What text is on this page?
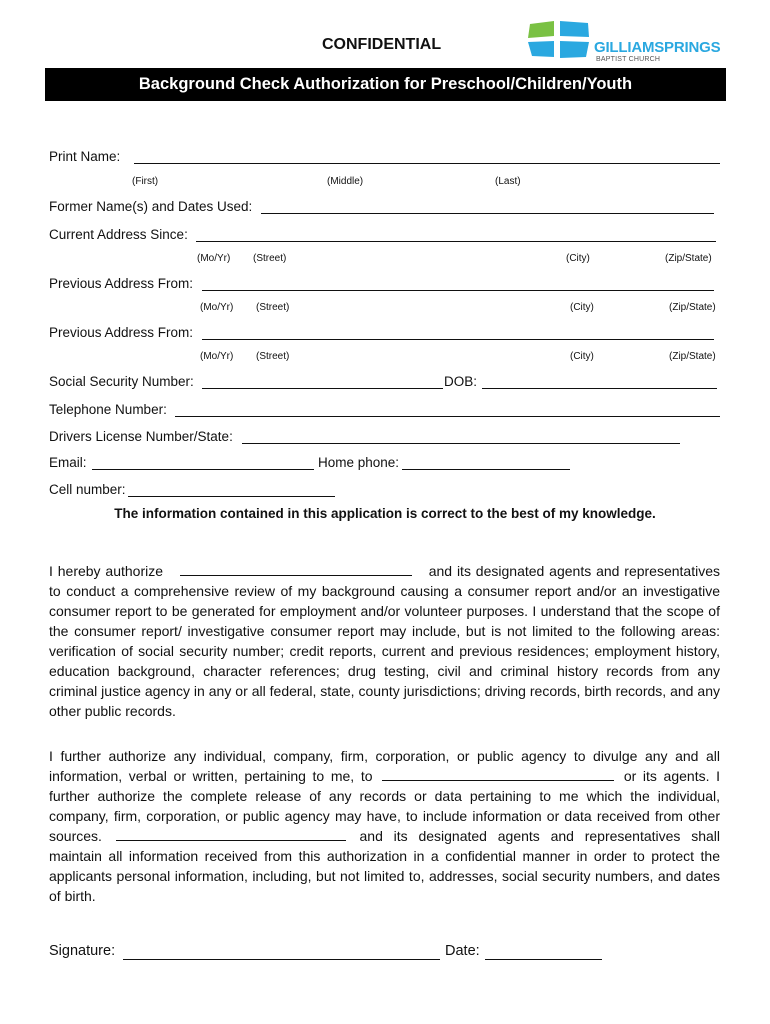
CONFIDENTIAL	GILLIAMSPRINGS
BAPTIST CHURCH
Background Check Authorization for Preschool/Children/Youth
Print Name:
(First)	(Middle)	(Last)
Former Name(s) and Dates Used:
Current Address Since:
(Mo/Yr) (Street)	(City)	(Zip/State)
Previous Address From:
(Mo/Yr) (Street)	(City)	(Zip/State)
Previous Address From:
(Mo/Yr) (Street)	(City)	(Zip/State)
Social Security Number:	DOB:
Telephone Number:
Drivers License Number/State:
Email:	Home phone:
Cell number:
The information contained in this application is correct to the best of my knowledge.
I hereby authorize	and its designated agents and representatives to conduct a comprehensive review of my background causing a consumer report and/or an investigative consumer report to be generated for employment and/or volunteer purposes. I understand that the scope of the consumer report/ investigative consumer report may include, but is not limited to the following areas: verification of social security number; credit reports, current and previous residences; employment history, education background, character references; drug testing, civil and criminal history records from any criminal justice agency in any or all federal, state, county jurisdictions; driving records, birth records, and any other public records.
I further authorize any individual, company, firm, corporation, or public agency to divulge any and all information, verbal or written, pertaining to me, to	or its agents. I further authorize the complete release of any records or data pertaining to me which the individual, company, firm, corporation, or public agency may have, to include information or data received from other sources.	and its designated agents and representatives shall maintain all information received from this authorization in a confidential manner in order to protect the applicants personal information, including, but not limited to, addresses, social security numbers, and dates of birth.
Signature:	Date:
